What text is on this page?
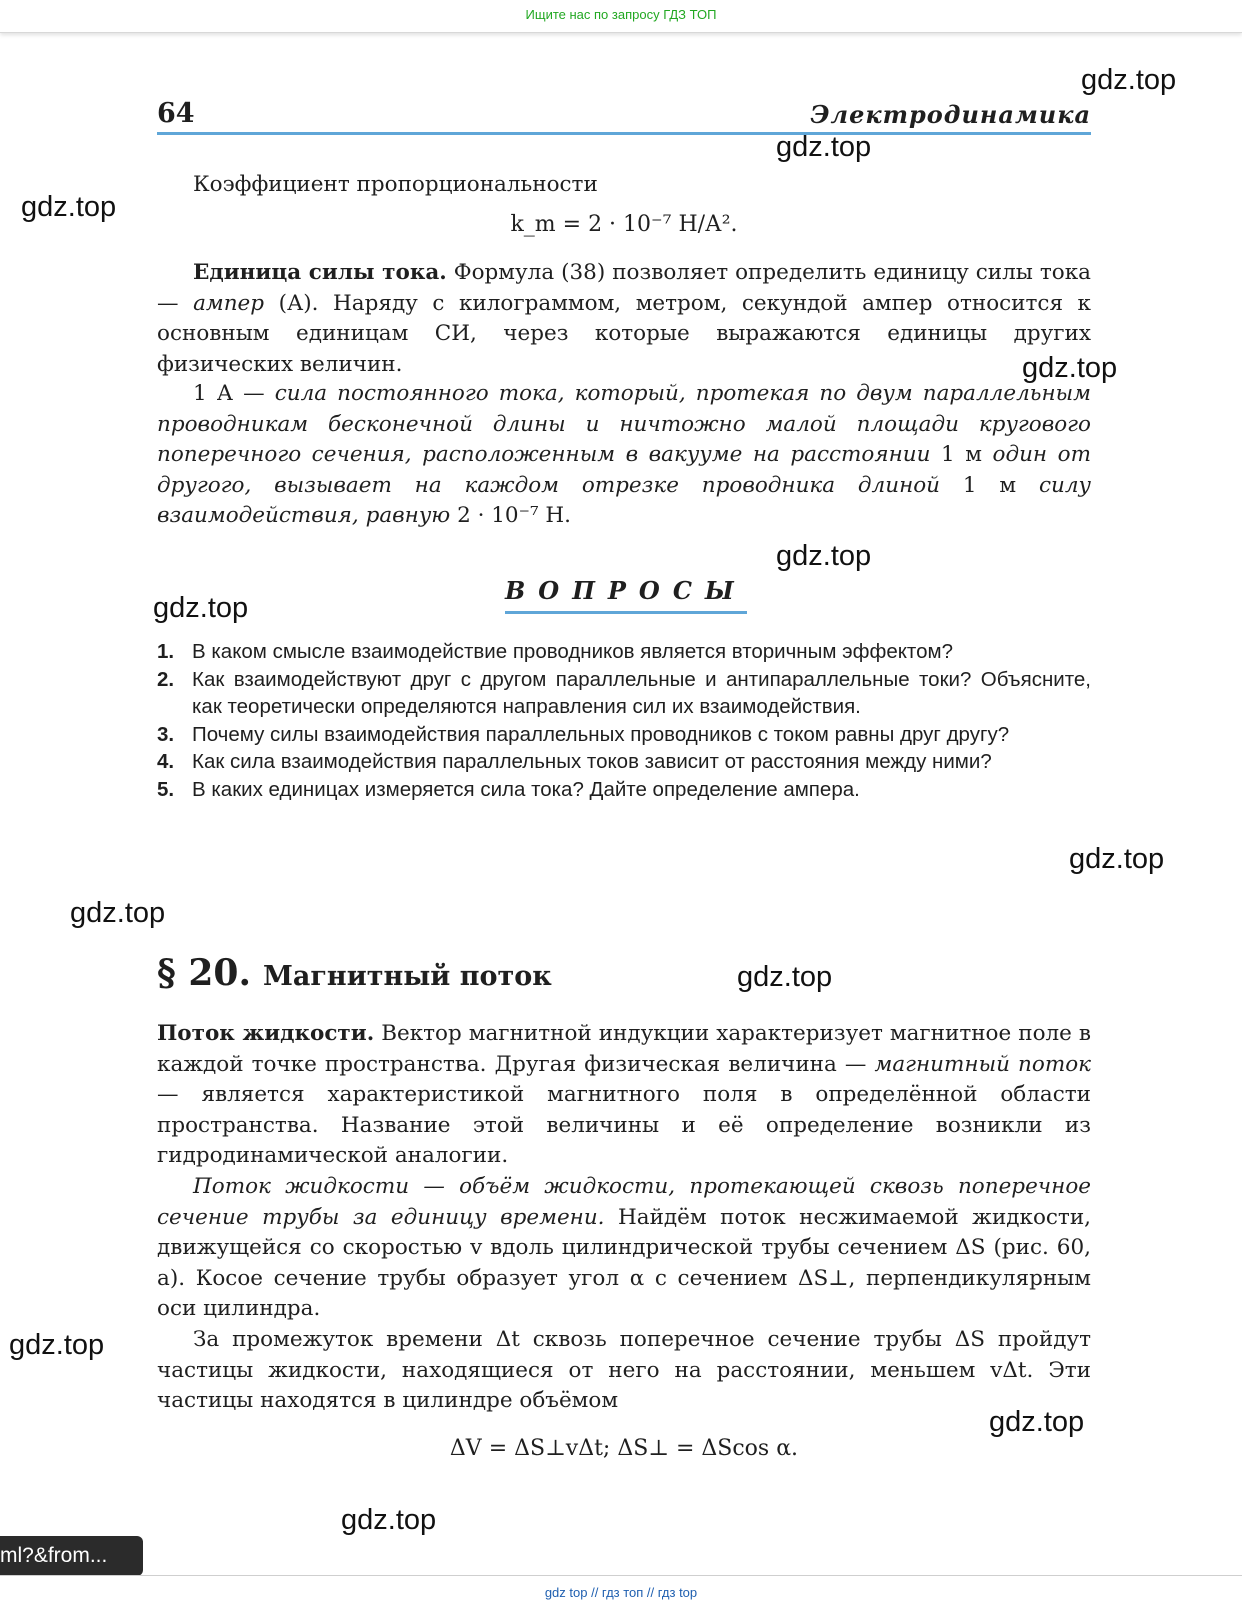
Ищите нас по запросу ГДЗ ТОП
64	Электродинамика
Коэффициент пропорциональности
k_m = 2 · 10⁻⁷ Н/А².
Единица силы тока. Формула (38) позволяет определить единицу силы тока — ампер (А). Наряду с килограммом, метром, секундой ампер относится к основным единицам СИ, через которые выражаются единицы других физических величин.
1 А — сила постоянного тока, который, протекая по двум параллельным проводникам бесконечной длины и ничтожно малой площади кругового поперечного сечения, расположенным в вакууме на расстоянии 1 м один от другого, вызывает на каждом отрезке проводника длиной 1 м силу взаимодействия, равную 2 · 10⁻⁷ Н.
ВОПРОСЫ
1. В каком смысле взаимодействие проводников является вторичным эффектом?
2. Как взаимодействуют друг с другом параллельные и антипараллельные токи? Объясните, как теоретически определяются направления сил их взаимодействия.
3. Почему силы взаимодействия параллельных проводников с током равны друг другу?
4. Как сила взаимодействия параллельных токов зависит от расстояния между ними?
5. В каких единицах измеряется сила тока? Дайте определение ампера.
§ 20. Магнитный поток
Поток жидкости. Вектор магнитной индукции характеризует магнитное поле в каждой точке пространства. Другая физическая величина — магнитный поток — является характеристикой магнитного поля в определённой области пространства. Название этой величины и её определение возникли из гидродинамической аналогии.
Поток жидкости — объём жидкости, протекающей сквозь поперечное сечение трубы за единицу времени. Найдём поток несжимаемой жидкости, движущейся со скоростью v вдоль цилиндрической трубы сечением ΔS (рис. 60, а). Косое сечение трубы образует угол α с сечением ΔS⊥, перпендикулярным оси цилиндра.
За промежуток времени Δt сквозь поперечное сечение трубы ΔS пройдут частицы жидкости, находящиеся от него на расстоянии, меньшем vΔt. Эти частицы находятся в цилиндре объёмом
ΔV = ΔS⊥vΔt; ΔS⊥ = ΔScos α.
gdz.top
gdz.top
gdz.top
gdz.top
gdz.top
gdz.top
gdz.top
gdz.top
gdz.top
gdz.top
gdz.top
gdz.top
ml?&from...
gdz top // гдз топ // гдз top
